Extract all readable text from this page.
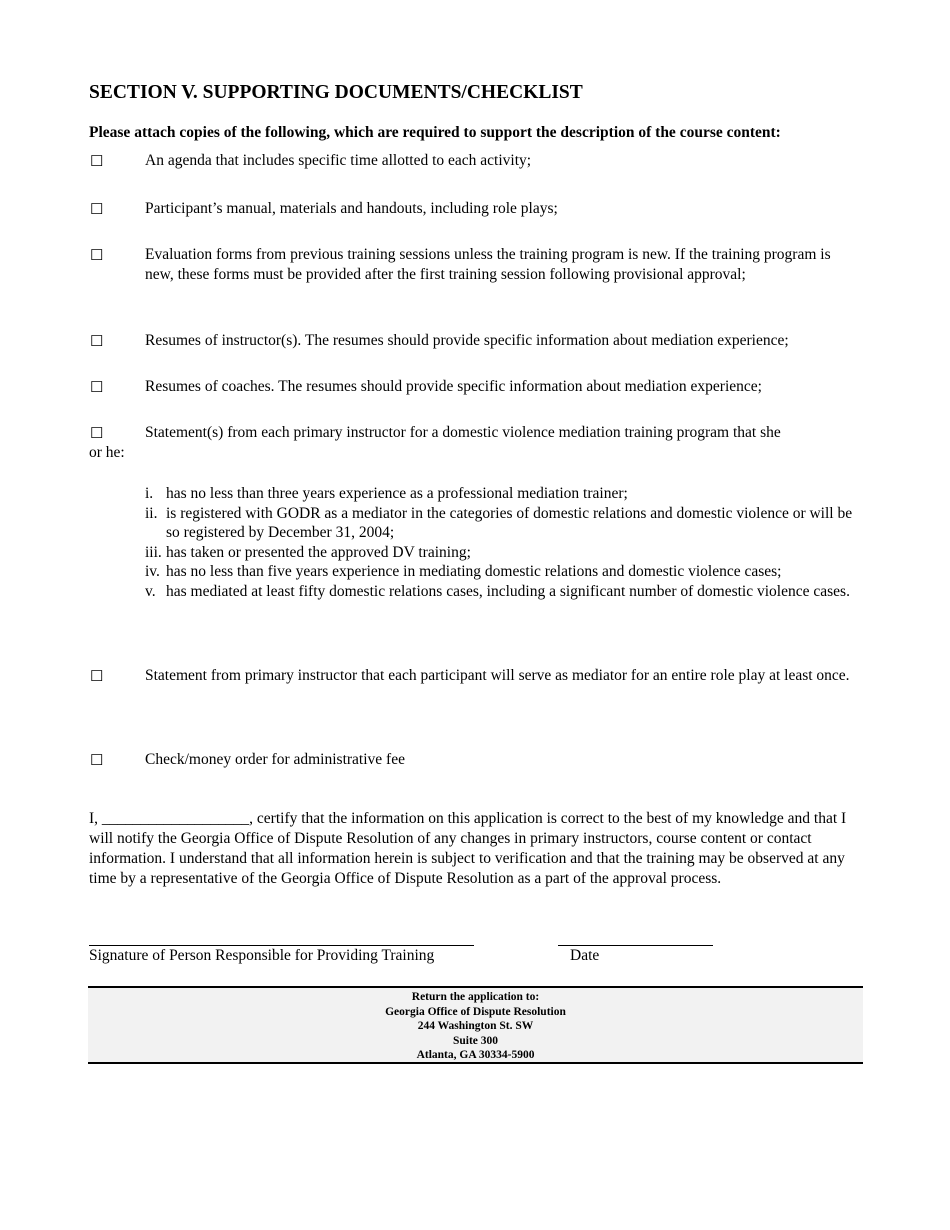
SECTION V. SUPPORTING DOCUMENTS/CHECKLIST
Please attach copies of the following, which are required to support the description of the course content:
☐	An agenda that includes specific time allotted to each activity;
☐	Participant’s manual, materials and handouts, including role plays;
☐	Evaluation forms from previous training sessions unless the training program is new. If the training program is new, these forms must be provided after the first training session following provisional approval;
☐	Resumes of instructor(s). The resumes should provide specific information about mediation experience;
☐	Resumes of coaches. The resumes should provide specific information about mediation experience;
☐	Statement(s) from each primary instructor for a domestic violence mediation training program that she
or he:
i. has no less than three years experience as a professional mediation trainer;
ii. is registered with GODR as a mediator in the categories of domestic relations and domestic violence or will be so registered by December 31, 2004;
iii. has taken or presented the approved DV training;
iv. has no less than five years experience in mediating domestic relations and domestic violence cases;
v. has mediated at least fifty domestic relations cases, including a significant number of domestic violence cases.
☐	Statement from primary instructor that each participant will serve as mediator for an entire role play at least once.
☐	Check/money order for administrative fee
I, ___________________, certify that the information on this application is correct to the best of my knowledge and that I will notify the Georgia Office of Dispute Resolution of any changes in primary instructors, course content or contact information. I understand that all information herein is subject to verification and that the training may be observed at any time by a representative of the Georgia Office of Dispute Resolution as a part of the approval process.
Signature of Person Responsible for Providing Training	Date
Return the application to:
Georgia Office of Dispute Resolution
244 Washington St. SW
Suite 300
Atlanta, GA 30334-5900
